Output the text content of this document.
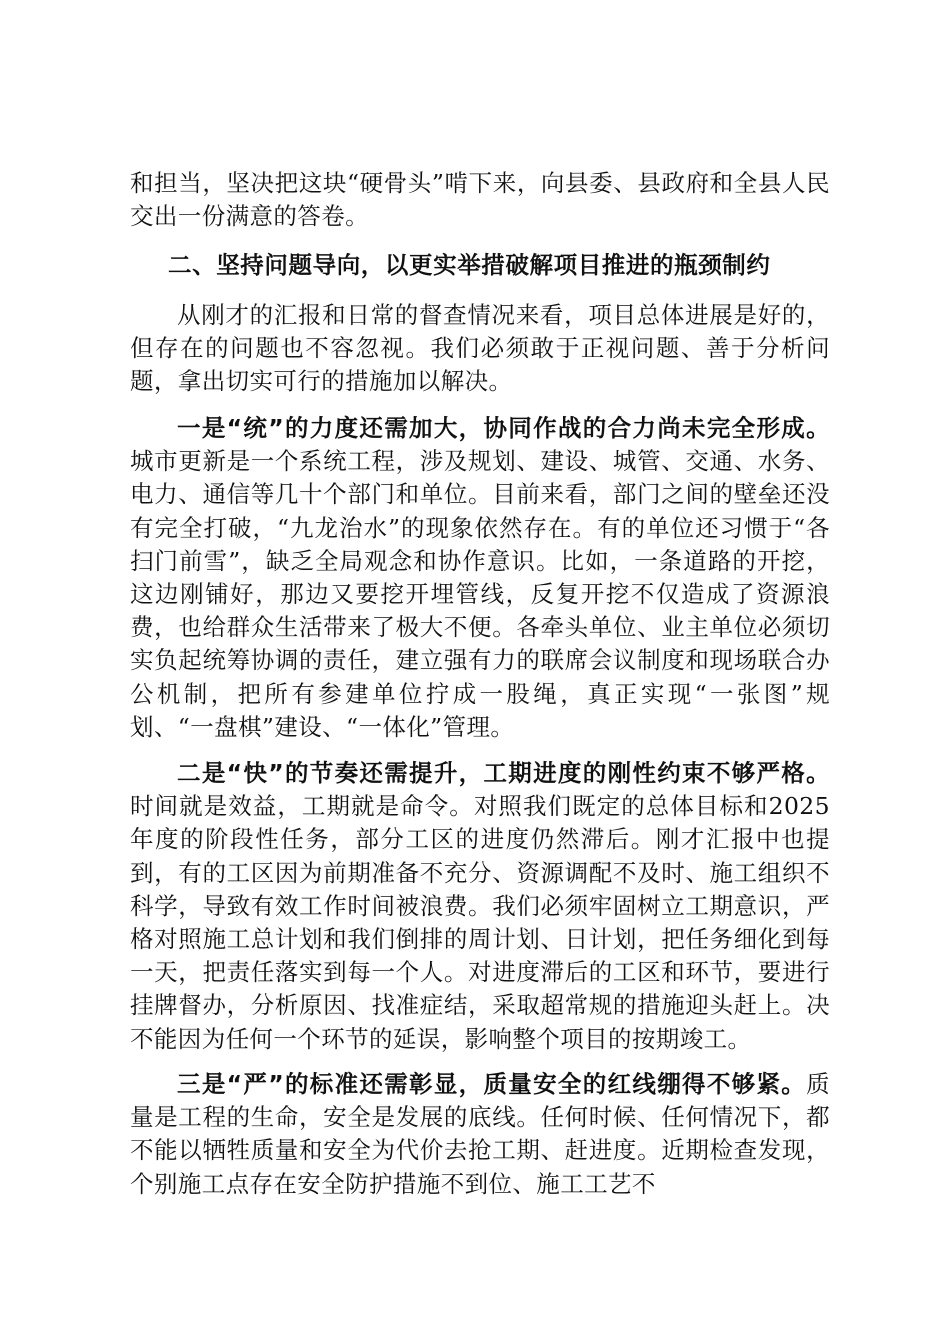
和担当，坚决把这块“硬骨头”啃下来，向县委、县政府和全县人民交出一份满意的答卷。

二、坚持问题导向，以更实举措破解项目推进的瓶颈制约

从刚才的汇报和日常的督查情况来看，项目总体进展是好的，但存在的问题也不容忽视。我们必须敢于正视问题、善于分析问题，拿出切实可行的措施加以解决。

一是“统”的力度还需加大，协同作战的合力尚未完全形成。城市更新是一个系统工程，涉及规划、建设、城管、交通、水务、电力、通信等几十个部门和单位。目前来看，部门之间的壁垒还没有完全打破，“九龙治水”的现象依然存在。有的单位还习惯于“各扫门前雪”，缺乏全局观念和协作意识。比如，一条道路的开挖，这边刚铺好，那边又要挖开埋管线，反复开挖不仅造成了资源浪费，也给群众生活带来了极大不便。各牵头单位、业主单位必须切实负起统筹协调的责任，建立强有力的联席会议制度和现场联合办公机制，把所有参建单位拧成一股绳，真正实现“一张图”规划、“一盘棋”建设、“一体化”管理。

二是“快”的节奏还需提升，工期进度的刚性约束不够严格。时间就是效益，工期就是命令。对照我们既定的总体目标和2025年度的阶段性任务，部分工区的进度仍然滞后。刚才汇报中也提到，有的工区因为前期准备不充分、资源调配不及时、施工组织不科学，导致有效工作时间被浪费。我们必须牢固树立工期意识，严格对照施工总计划和我们倒排的周计划、日计划，把任务细化到每一天，把责任落实到每一个人。对进度滞后的工区和环节，要进行挂牌督办，分析原因、找准症结，采取超常规的措施迎头赶上。决不能因为任何一个环节的延误，影响整个项目的按期竣工。

三是“严”的标准还需彰显，质量安全的红线绷得不够紧。质量是工程的生命，安全是发展的底线。任何时候、任何情况下，都不能以牺牲质量和安全为代价去抢工期、赶进度。近期检查发现，个别施工点存在安全防护措施不到位、施工工艺不
